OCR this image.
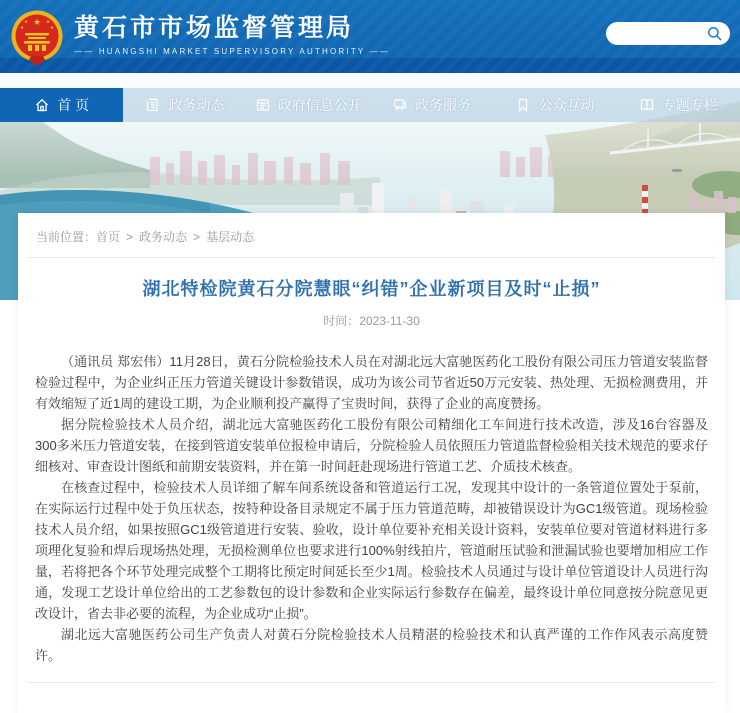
★
★	★
★	★ 黄石市市场监督管理局
—— HUANGSHI MARKET SUPERVISORY AUTHORITY ——
首 页	政务动态	政府信息公开	政务服务	公众互动	专题专栏
当前位置：首页 > 政务动态 > 基层动态
湖北特检院黄石分院慧眼“纠错”企业新项目及时“止损”
时间：2023-11-30

（通讯员 郑宏伟）11月28日，黄石分院检验技术人员在对湖北远大富驰医药化工股份有限公司压力管道安装监督检验过程中，为企业纠正压力管道关键设计参数错误，成功为该公司节省近50万元安装、热处理、无损检测费用，并有效缩短了近1周的建设工期，为企业顺利投产赢得了宝贵时间，获得了企业的高度赞扬。

据分院检验技术人员介绍，湖北远大富驰医药化工股份有限公司精细化工车间进行技术改造，涉及16台容器及300多米压力管道安装，在接到管道安装单位报检申请后，分院检验人员依照压力管道监督检验相关技术规范的要求仔细核对、审查设计图纸和前期安装资料，并在第一时间赶赴现场进行管道工艺、介质技术核查。

在核查过程中，检验技术人员详细了解车间系统设备和管道运行工况，发现其中设计的一条管道位置处于泵前，在实际运行过程中处于负压状态，按特种设备目录规定不属于压力管道范畴，却被错误设计为GC1级管道。现场检验技术人员介绍，如果按照GC1级管道进行安装、验收，设计单位要补充相关设计资料，安装单位要对管道材料进行多项理化复验和焊后现场热处理，无损检测单位也要求进行100%射线拍片，管道耐压试验和泄漏试验也要增加相应工作量，若将把各个环节处理完成整个工期将比预定时间延长至少1周。检验技术人员通过与设计单位管道设计人员进行沟通，发现工艺设计单位给出的工艺参数包的设计参数和企业实际运行参数存在偏差，最终设计单位同意按分院意见更改设计，省去非必要的流程，为企业成功“止损”。

湖北远大富驰医药公司生产负责人对黄石分院检验技术人员精湛的检验技术和认真严谨的工作作风表示高度赞许。
